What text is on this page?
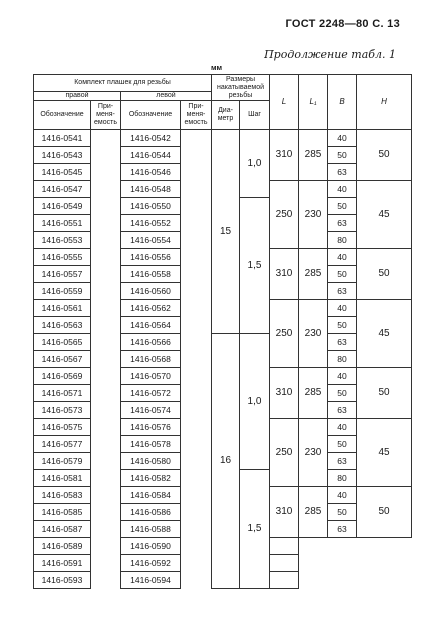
ГОСТ 2248—80 С. 13
Продолжение табл. 1
мм
Комплект плашек для резьбы				Размеры накатываемой резьбы		L	L₁	B	H
правой		левой							
Обозначение	При- меня- емость	Обозначение	При- меня- емость	Диа- метр	Шаг				
1416-0541		1416-0542		15	1,0	310	285	40	50
1416-0543		1416-0544						50	
1416-0545		1416-0546						63	
1416-0547		1416-0548				250	230	40	45
1416-0549		1416-0550			1,5			50	
1416-0551		1416-0552						63	
1416-0553		1416-0554						80	
1416-0555		1416-0556				310	285	40	50
1416-0557		1416-0558						50	
1416-0559		1416-0560						63	
1416-0561		1416-0562				250	230	40	45
1416-0563		1416-0564						50	
1416-0565		1416-0566		16	1,0			63	
1416-0567		1416-0568						80	
1416-0569		1416-0570				310	285	40	50
1416-0571		1416-0572						50	
1416-0573		1416-0574						63	
1416-0575		1416-0576				250	230	40	45
1416-0577		1416-0578						50	
1416-0579		1416-0580						63	
1416-0581		1416-0582			1,5			80	
1416-0583		1416-0584				310	285	40	50
1416-0585		1416-0586						50	
1416-0587		1416-0588						63	
1416-0589		1416-0590							
1416-0591		1416-0592							
1416-0593		1416-0594							
